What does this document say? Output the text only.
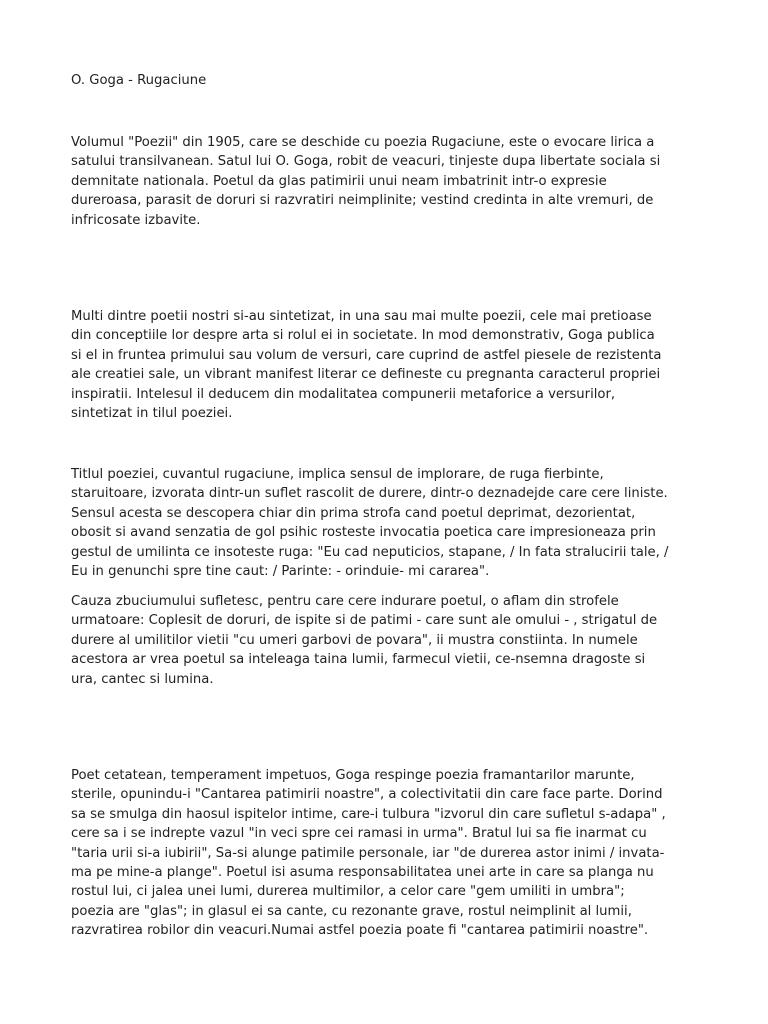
O. Goga - Rugaciune

Volumul "Poezii" din 1905, care se deschide cu poezia Rugaciune, este o evocare lirica a
satului transilvanean. Satul lui O. Goga, robit de veacuri, tinjeste dupa libertate sociala si
demnitate nationala. Poetul da glas patimirii unui neam imbatrinit intr-o expresie
dureroasa, parasit de doruri si razvratiri neimplinite; vestind credinta in alte vremuri, de
infricosate izbavite.

Multi dintre poetii nostri si-au sintetizat, in una sau mai multe poezii, cele mai pretioase
din conceptiile lor despre arta si rolul ei in societate. In mod demonstrativ, Goga publica
si el in fruntea primului sau volum de versuri, care cuprind de astfel piesele de rezistenta
ale creatiei sale, un vibrant manifest literar ce defineste cu pregnanta caracterul propriei
inspiratii. Intelesul il deducem din modalitatea compunerii metaforice a versurilor,
sintetizat in tilul poeziei.

Titlul poeziei, cuvantul rugaciune, implica sensul de implorare, de ruga fierbinte,
staruitoare, izvorata dintr-un suflet rascolit de durere, dintr-o deznadejde care cere liniste.
Sensul acesta se descopera chiar din prima strofa cand poetul deprimat, dezorientat,
obosit si avand senzatia de gol psihic rosteste invocatia poetica care impresioneaza prin
gestul de umilinta ce insoteste ruga: "Eu cad neputicios, stapane, / In fata stralucirii tale, /
Eu in genunchi spre tine caut: / Parinte: - orinduie- mi cararea".

Cauza zbuciumului sufletesc, pentru care cere indurare poetul, o aflam din strofele
urmatoare: Coplesit de doruri, de ispite si de patimi - care sunt ale omului - , strigatul de
durere al umilitilor vietii "cu umeri garbovi de povara", ii mustra constiinta. In numele
acestora ar vrea poetul sa inteleaga taina lumii, farmecul vietii, ce-nsemna dragoste si
ura, cantec si lumina.

Poet cetatean, temperament impetuos, Goga respinge poezia framantarilor marunte,
sterile, opunindu-i "Cantarea patimirii noastre", a colectivitatii din care face parte. Dorind
sa se smulga din haosul ispitelor intime, care-i tulbura "izvorul din care sufletul s-adapa" ,
cere sa i se indrepte vazul "in veci spre cei ramasi in urma". Bratul lui sa fie inarmat cu
"taria urii si-a iubirii", Sa-si alunge patimile personale, iar "de durerea astor inimi / invata-
ma pe mine-a plange". Poetul isi asuma responsabilitatea unei arte in care sa planga nu
rostul lui, ci jalea unei lumi, durerea multimilor, a celor care "gem umiliti in umbra";
poezia are "glas"; in glasul ei sa cante, cu rezonante grave, rostul neimplinit al lumii,
razvratirea robilor din veacuri.Numai astfel poezia poate fi "cantarea patimirii noastre".
